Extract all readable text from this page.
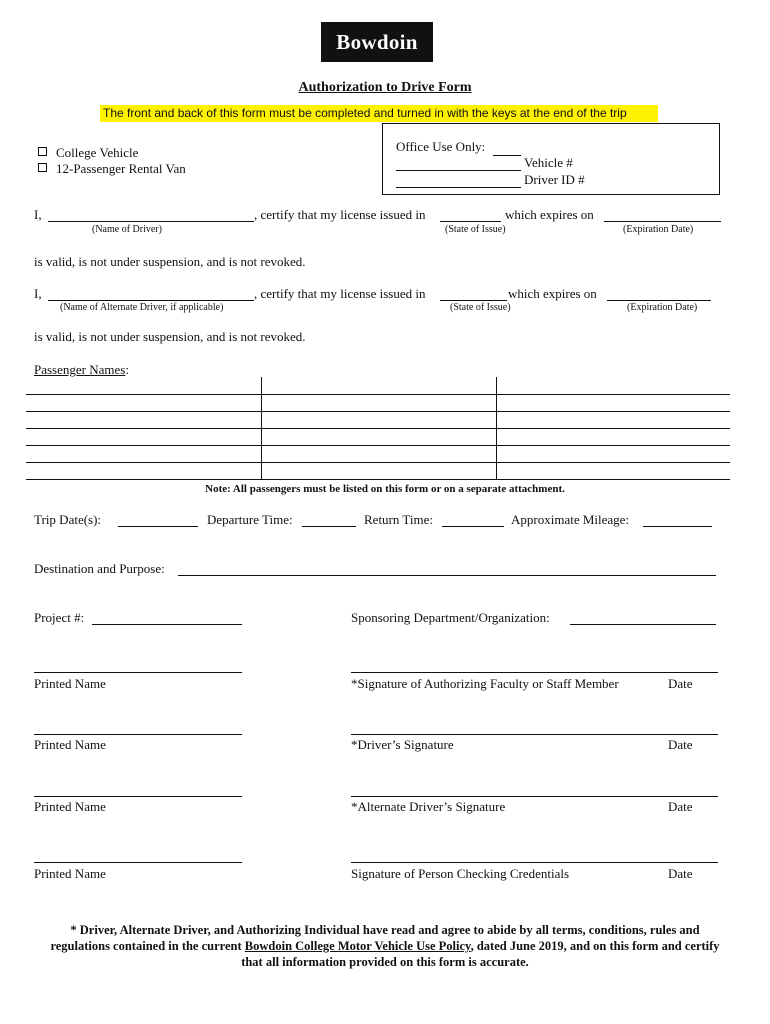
Bowdoin
Authorization to Drive Form
The front and back of this form must be completed and turned in with the keys at the end of the trip
College Vehicle
12-Passenger Rental Van
Office Use Only:
Vehicle #
Driver ID #
I,	, certify that my license issued in	which expires on
(Name of Driver)	(State of Issue)	(Expiration Date)
is valid, is not under suspension, and is not revoked.
I,	, certify that my license issued in	which expires on
(Name of Alternate Driver, if applicable)	(State of Issue)	(Expiration Date)
is valid, is not under suspension, and is not revoked.
Passenger Names:
Note: All passengers must be listed on this form or on a separate attachment.
Trip Date(s):	Departure Time:	Return Time:	Approximate Mileage:
Destination and Purpose:
Project #:	Sponsoring Department/Organization:
Printed Name	*Signature of Authorizing Faculty or Staff Member	Date
Printed Name	*Driver’s Signature	Date
Printed Name	*Alternate Driver’s Signature	Date
Printed Name	Signature of Person Checking Credentials	Date
* Driver, Alternate Driver, and Authorizing Individual have read and agree to abide by all terms, conditions, rules and
regulations contained in the current Bowdoin College Motor Vehicle Use Policy, dated June 2019, and on this form and certify
that all information provided on this form is accurate.
